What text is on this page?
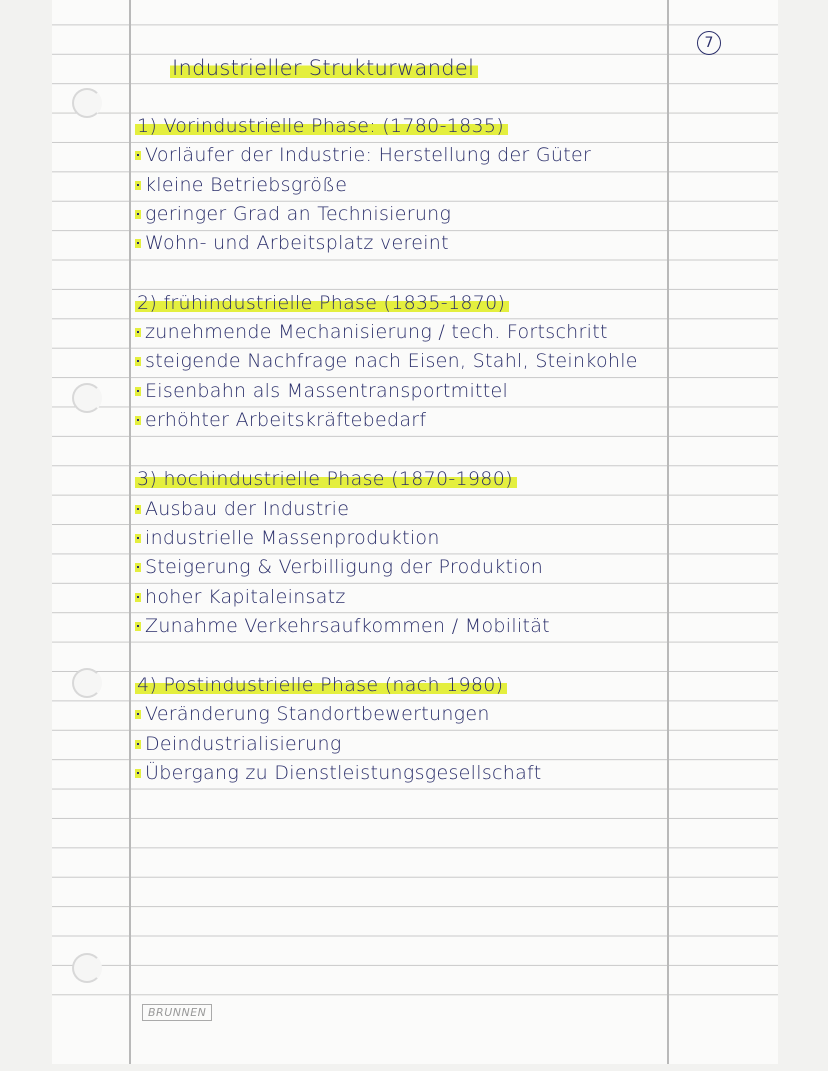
7
Industrieller Strukturwandel
1) Vorindustrielle Phase: (1780-1835)
Vorläufer der Industrie: Herstellung der Güter
kleine Betriebsgröße
geringer Grad an Technisierung
Wohn- und Arbeitsplatz vereint
2) frühindustrielle Phase (1835-1870)
zunehmende Mechanisierung / tech. Fortschritt
steigende Nachfrage nach Eisen, Stahl, Steinkohle
Eisenbahn als Massentransportmittel
erhöhter Arbeitskräftebedarf
3) hochindustrielle Phase (1870-1980)
Ausbau der Industrie
industrielle Massenproduktion
Steigerung & Verbilligung der Produktion
hoher Kapitaleinsatz
Zunahme Verkehrsaufkommen / Mobilität
4) Postindustrielle Phase (nach 1980)
Veränderung Standortbewertungen
Deindustrialisierung
Übergang zu Dienstleistungsgesellschaft
BRUNNEN
